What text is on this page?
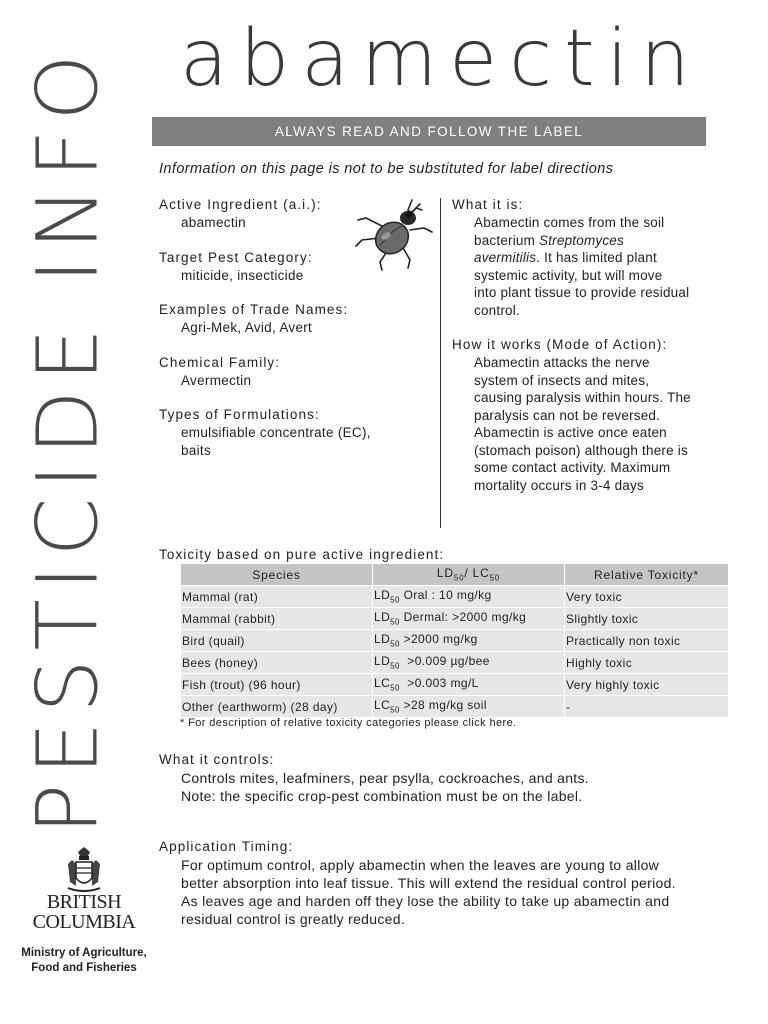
PESTICIDE INFO abamectin
ALWAYS READ AND FOLLOW THE LABEL
Information on this page is not to be substituted for label directions
Active Ingredient (a.i.):
abamectin
Target Pest Category:
miticide, insecticide
Examples of Trade Names:
Agri-Mek, Avid, Avert
Chemical Family:
Avermectin
Types of Formulations:
emulsifiable concentrate (EC),
baits
What it is:
Abamectin comes from the soil
bacterium Streptomyces
avermitilis. It has limited plant
systemic activity, but will move
into plant tissue to provide residual
control.
How it works (Mode of Action):
Abamectin attacks the nerve
system of insects and mites,
causing paralysis within hours. The
paralysis can not be reversed.
Abamectin is active once eaten
(stomach poison) although there is
some contact activity. Maximum
mortality occurs in 3-4 days
Toxicity based on pure active ingredient:
Species	$LD_{50}/$ $LC_{50}$	Relative Toxicity*
Mammal (rat)	$LD_{50}$ Oral : 10 mg/kg	Very toxic
Mammal (rabbit)	$LD_{50}$ Dermal: >2000 mg/kg	Slightly toxic
Bird (quail)	$LD_{50} >2000$ mg/kg	Practically non toxic
Bees (honey)	$LD_{50} >0.009$ µg/bee	Highly toxic
Fish (trout) (96 hour)	$LC_{50} >0.003$ mg/L	Very highly toxic
Other (earthworm) (28 day)	$LC_{50} >28$ mg/kg soil	-
* For description of relative toxicity categories please click here.
What it controls:
Controls mites, leafminers, pear psylla, cockroaches, and ants.
Note: the specific crop-pest combination must be on the label.
Application Timing:
For optimum control, apply abamectin when the leaves are young to allow
better absorption into leaf tissue. This will extend the residual control period.
As leaves age and harden off they lose the ability to take up abamectin and
residual control is greatly reduced.
BRITISH
COLUMBIA
Ministry of Agriculture,
Food and Fisheries
